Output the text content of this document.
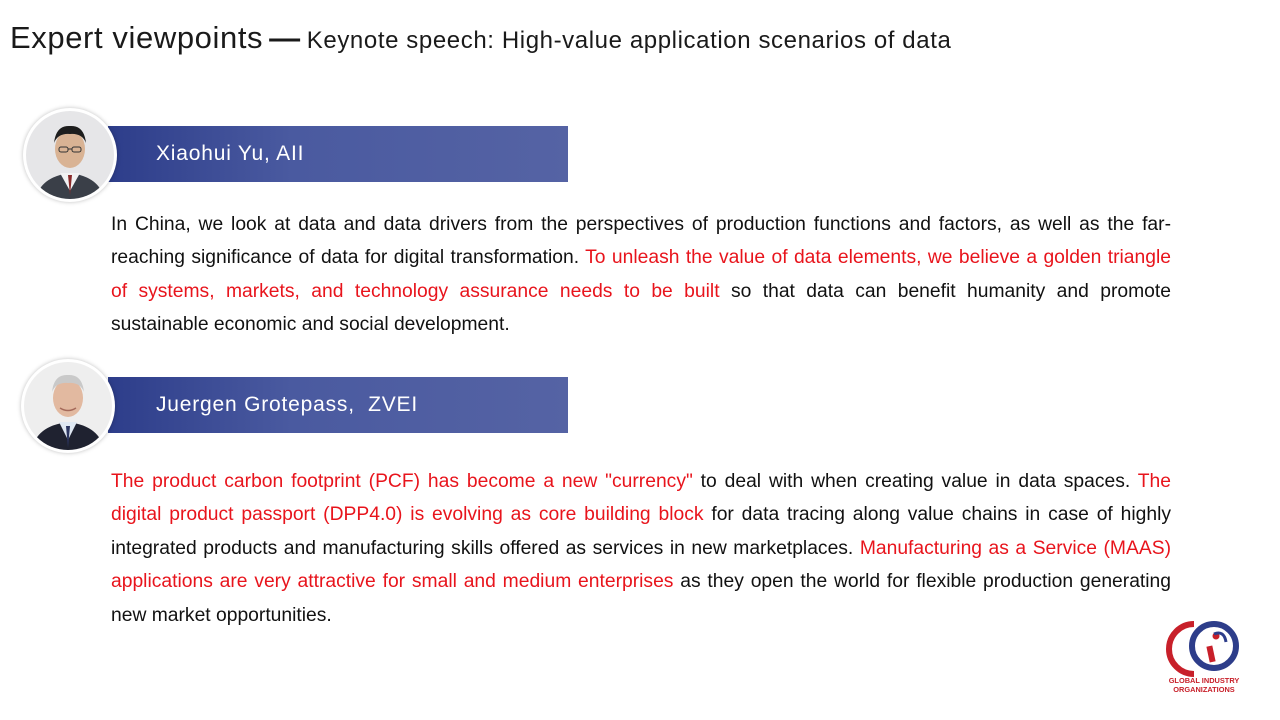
Expert viewpoints — Keynote speech: High-value application scenarios of data
Xiaohui Yu, AII
In China, we look at data and data drivers from the perspectives of production functions and factors, as well as the far-reaching significance of data for digital transformation. To unleash the value of data elements, we believe a golden triangle of systems, markets, and technology assurance needs to be built so that data can benefit humanity and promote sustainable economic and social development.
Juergen Grotepass,  ZVEI
The product carbon footprint (PCF) has become a new "currency" to deal with when creating value in data spaces. The digital product passport (DPP4.0) is evolving as core building block for data tracing along value chains in case of highly integrated products and manufacturing skills offered as services in new marketplaces. Manufacturing as a Service (MAAS) applications are very attractive for small and medium enterprises as they open the world for flexible production generating new market opportunities.
GLOBAL INDUSTRY
ORGANIZATIONS
